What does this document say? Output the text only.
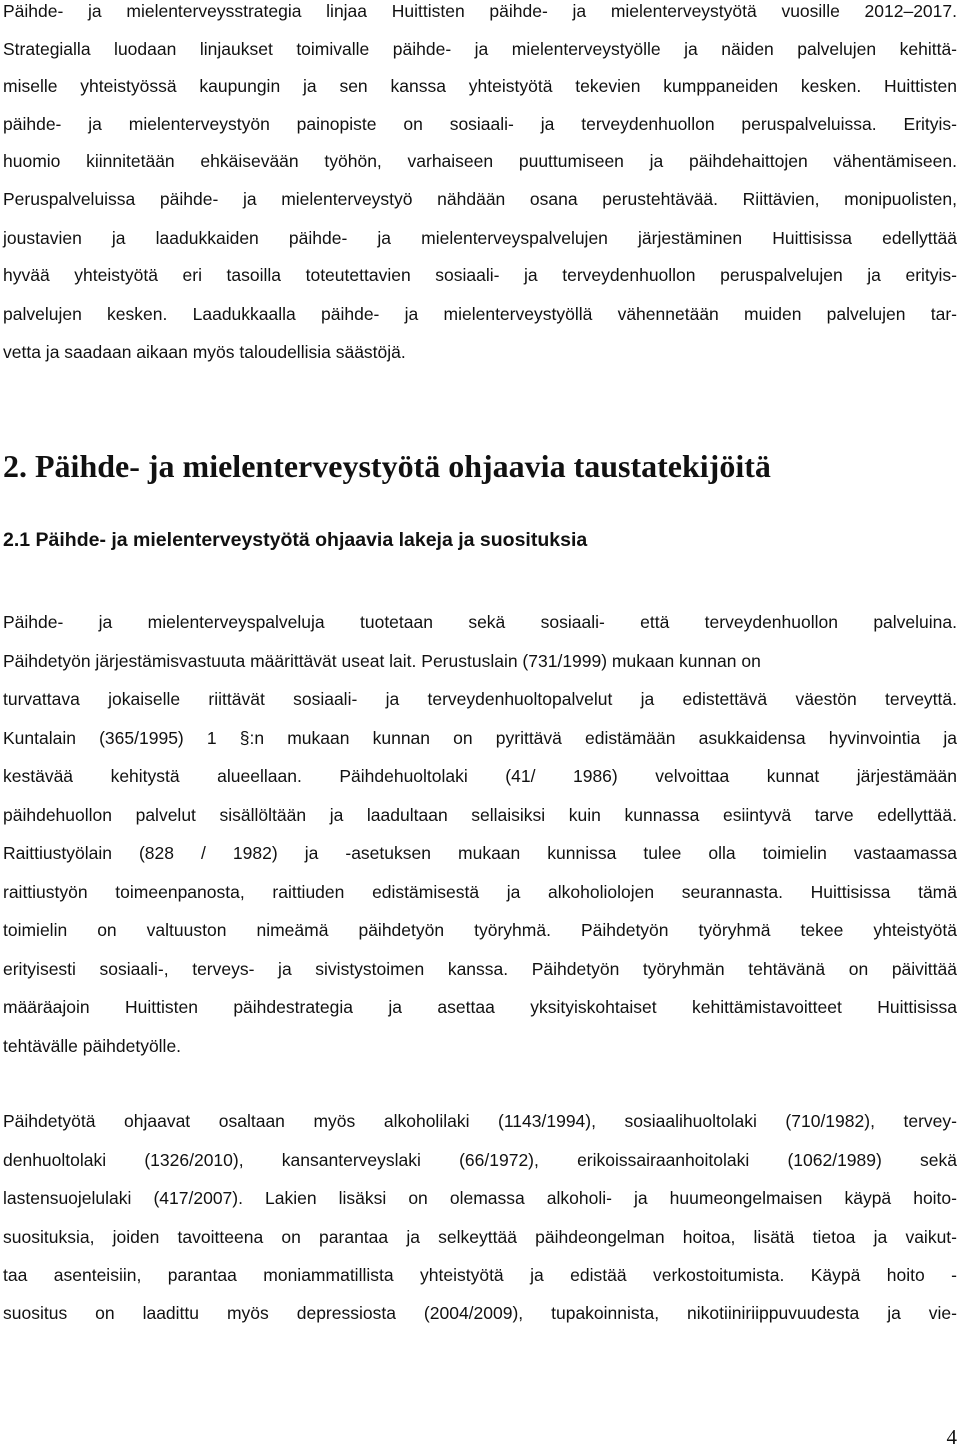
Päihde- ja mielenterveysstrategia linjaa Huittisten päihde- ja mielenterveystyötä vuosille 2012–2017.
Strategialla luodaan linjaukset toimivalle päihde- ja mielenterveystyölle ja näiden palvelujen kehittä-
miselle yhteistyössä kaupungin ja sen kanssa yhteistyötä tekevien kumppaneiden kesken. Huittisten
päihde- ja mielenterveystyön painopiste on sosiaali- ja terveydenhuollon peruspalveluissa. Erityis-
huomio kiinnitetään ehkäisevään työhön, varhaiseen puuttumiseen ja päihdehaittojen vähentämiseen.
Peruspalveluissa päihde- ja mielenterveystyö nähdään osana perustehtävää. Riittävien, monipuolisten,
joustavien ja laadukkaiden päihde- ja mielenterveyspalvelujen järjestäminen Huittisissa edellyttää
hyvää yhteistyötä eri tasoilla toteutettavien sosiaali- ja terveydenhuollon peruspalvelujen ja erityis-
palvelujen kesken. Laadukkaalla päihde- ja mielenterveystyöllä vähennetään muiden palvelujen tar-
vetta ja saadaan aikaan myös taloudellisia säästöjä.
2. Päihde- ja mielenterveystyötä ohjaavia taustatekijöitä
2.1 Päihde- ja mielenterveystyötä ohjaavia lakeja ja suosituksia
Päihde- ja mielenterveyspalveluja tuotetaan sekä sosiaali- että terveydenhuollon palveluina.
Päihdetyön järjestämisvastuuta määrittävät useat lait. Perustuslain (731/1999) mukaan kunnan on
turvattava jokaiselle riittävät sosiaali- ja terveydenhuoltopalvelut ja edistettävä väestön terveyttä.
Kuntalain (365/1995) 1 §:n mukaan kunnan on pyrittävä edistämään asukkaidensa hyvinvointia ja
kestävää kehitystä alueellaan. Päihdehuoltolaki (41/ 1986) velvoittaa kunnat järjestämään
päihdehuollon palvelut sisällöltään ja laadultaan sellaisiksi kuin kunnassa esiintyvä tarve edellyttää.
Raittiustyölain (828 / 1982) ja -asetuksen mukaan kunnissa tulee olla toimielin vastaamassa
raittiustyön toimeenpanosta, raittiuden edistämisestä ja alkoholiolojen seurannasta. Huittisissa tämä
toimielin on valtuuston nimeämä päihdetyön työryhmä. Päihdetyön työryhmä tekee yhteistyötä
erityisesti sosiaali-, terveys- ja sivistystoimen kanssa. Päihdetyön työryhmän tehtävänä on päivittää
määräajoin Huittisten päihdestrategia ja asettaa yksityiskohtaiset kehittämistavoitteet Huittisissa
tehtävälle päihdetyölle.
Päihdetyötä ohjaavat osaltaan myös alkoholilaki (1143/1994), sosiaalihuoltolaki (710/1982), tervey-
denhuoltolaki (1326/2010), kansanterveyslaki (66/1972), erikoissairaanhoitolaki (1062/1989) sekä
lastensuojelulaki (417/2007). Lakien lisäksi on olemassa alkoholi- ja huumeongelmaisen käypä hoito-
suosituksia, joiden tavoitteena on parantaa ja selkeyttää päihdeongelman hoitoa, lisätä tietoa ja vaikut-
taa asenteisiin, parantaa moniammatillista yhteistyötä ja edistää verkostoitumista. Käypä hoito -
suositus on laadittu myös depressiosta (2004/2009), tupakoinnista, nikotiiniriippuvuudesta ja vie-
4
